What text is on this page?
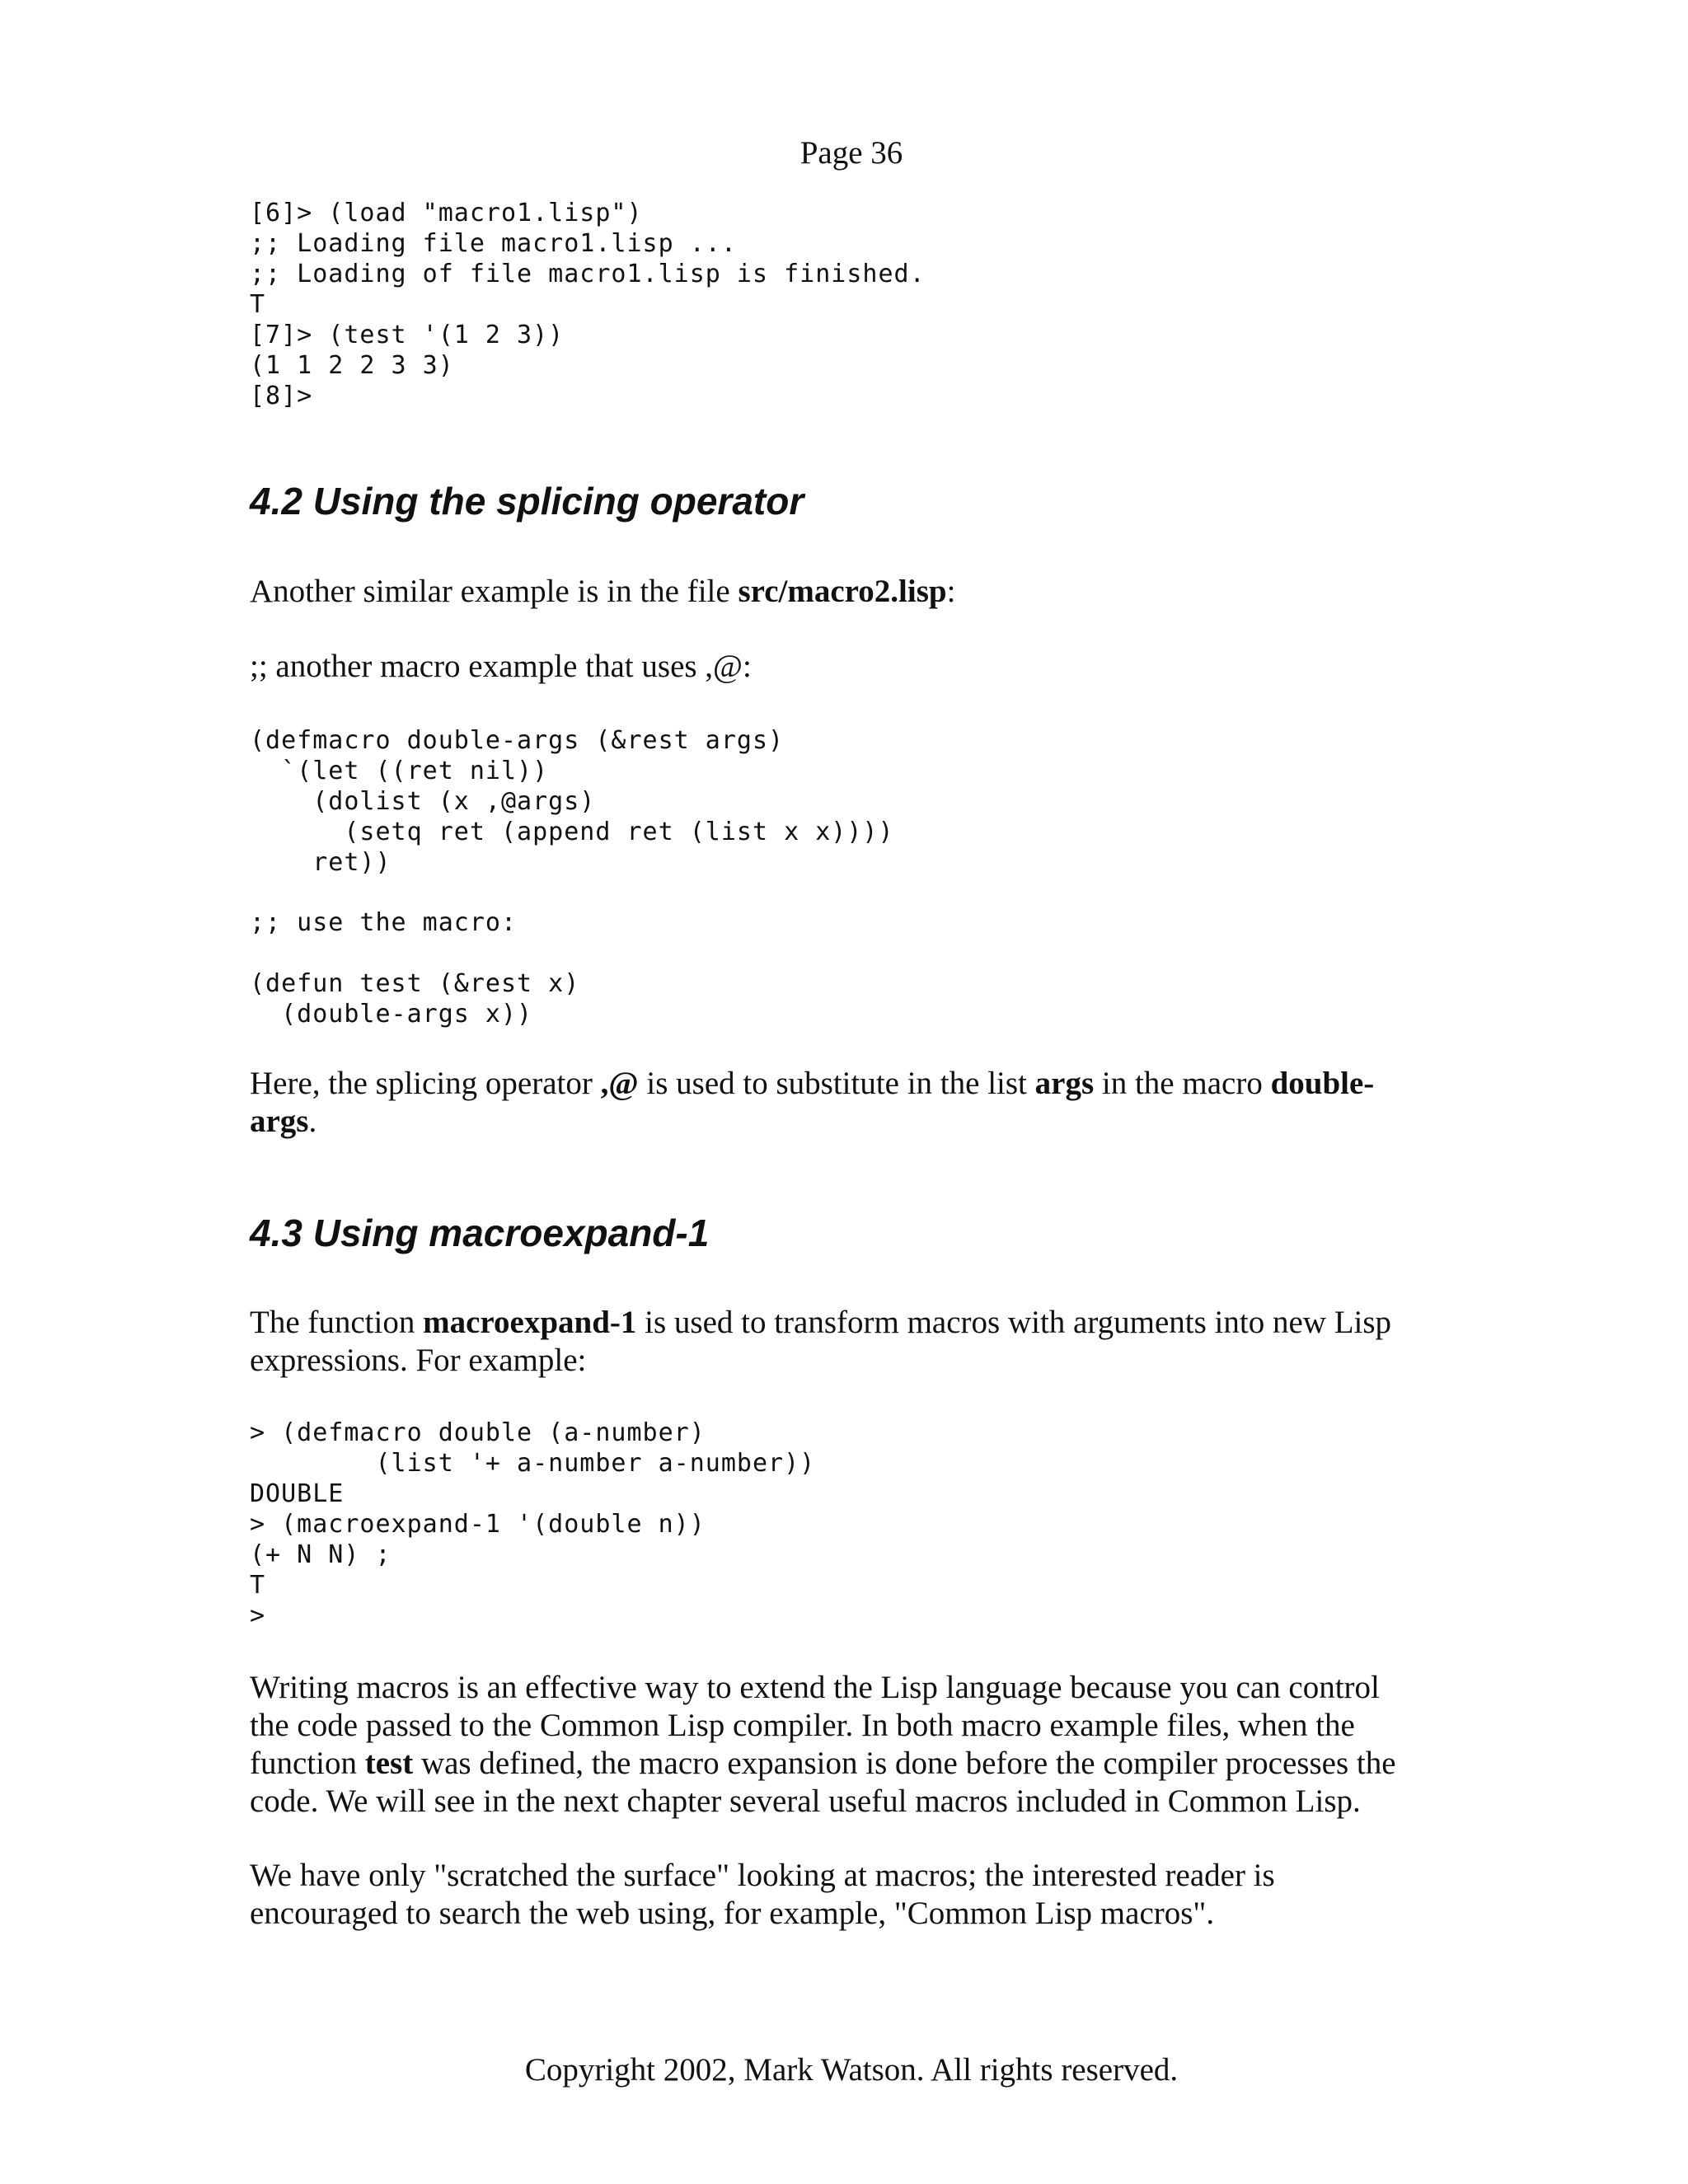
Page 36
[6]> (load "macro1.lisp")
;; Loading file macro1.lisp ...
;; Loading of file macro1.lisp is finished.
T
[7]> (test '(1 2 3))
(1 1 2 2 3 3)
[8]>
4.2 Using the splicing operator

Another similar example is in the file src/macro2.lisp:

;; another macro example that uses ,@:

(defmacro double-args (&rest args)
`(let ((ret nil))
(dolist (x ,@args)
(setq ret (append ret (list x x))))
ret))
;; use the macro:
(defun test (&rest x)
(double-args x))

Here, the splicing operator ,@ is used to substitute in the list args in the macro double-
args.

4.3 Using macroexpand-1

The function macroexpand-1 is used to transform macros with arguments into new Lisp
expressions. For example:

> (defmacro double (a-number)
(list '+ a-number a-number))
DOUBLE
> (macroexpand-1 '(double n))
(+ N N) ;
T
>

Writing macros is an effective way to extend the Lisp language because you can control
the code passed to the Common Lisp compiler. In both macro example files, when the
function test was defined, the macro expansion is done before the compiler processes the
code. We will see in the next chapter several useful macros included in Common Lisp.

We have only "scratched the surface" looking at macros; the interested reader is
encouraged to search the web using, for example, "Common Lisp macros".

Copyright 2002, Mark Watson. All rights reserved.
